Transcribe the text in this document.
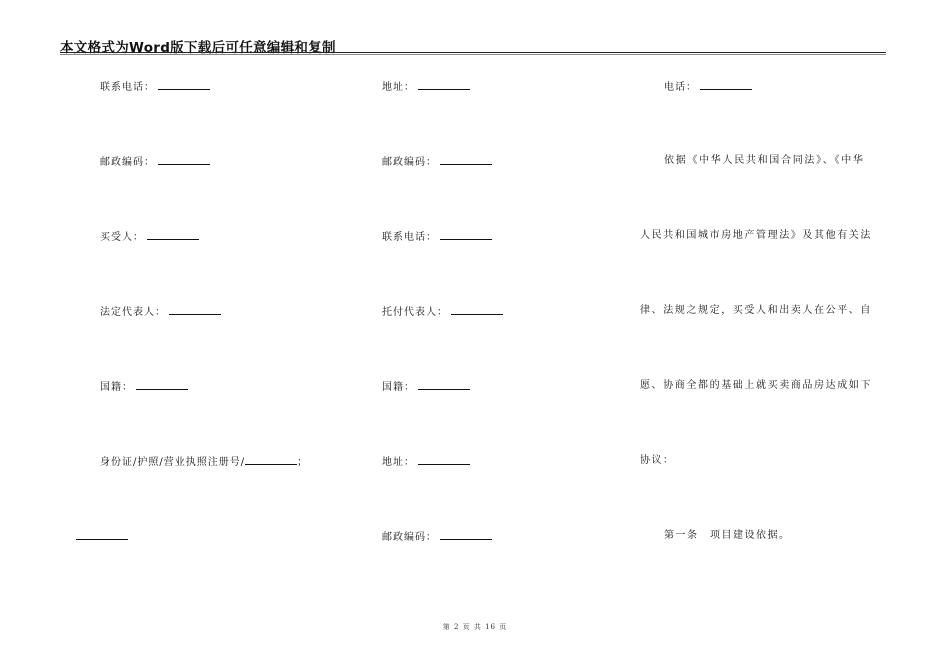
本文格式为Word版下载后可任意编辑和复制
联系电话：
邮政编码：
买受人：
法定代表人：
国籍：
身份证/护照/营业执照注册号/	；
地址：
邮政编码：
联系电话：
托付代表人：
国籍：
地址：
邮政编码：
电话：
依据《中华人民共和国合同法》、《中华
人民共和国城市房地产管理法》及其他有关法
律、法规之规定，买受人和出卖人在公平、自
愿、协商全都的基础上就买卖商品房达成如下
协议：
第一条　项目建设依据。
第 2 页 共 16 页
